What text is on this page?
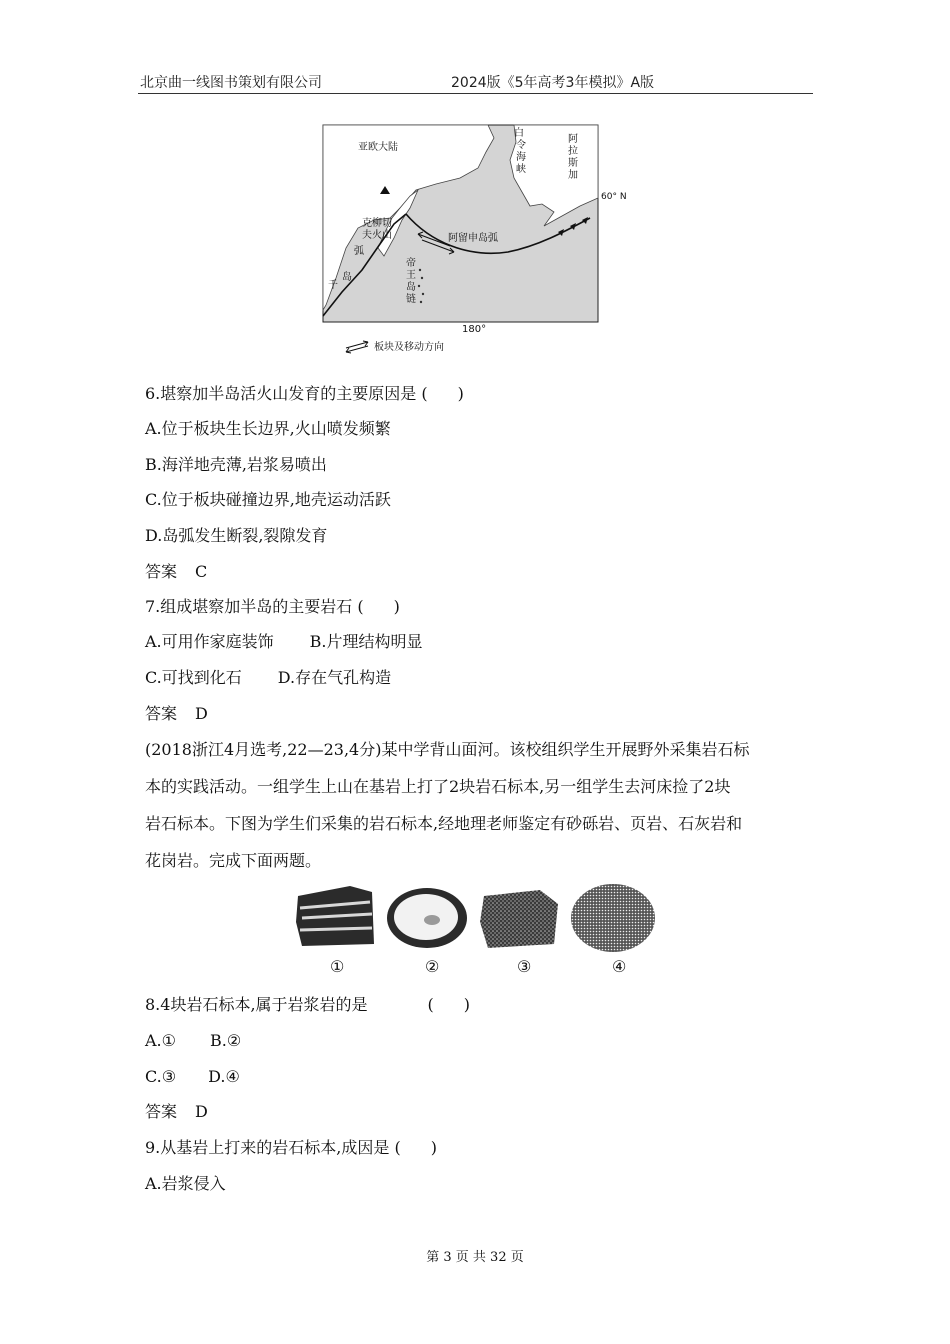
北京曲一线图书策划有限公司	2024版《5年高考3年模拟》A版
亚欧大陆
白
令
海
峡
阿
拉
斯
加
60° N
克柳切
夫火山	阿留申岛弧
弧
岛
千
帝
王
岛
链
180°
板块及移动方向
6.堪察加半岛活火山发育的主要原因是 ( )
A.位于板块生长边界,火山喷发频繁
B.海洋地壳薄,岩浆易喷出
C.位于板块碰撞边界,地壳运动活跃
D.岛弧发生断裂,裂隙发育
答案 C
7.组成堪察加半岛的主要岩石 ( )
A.可用作家庭装饰 B.片理结构明显
C.可找到化石 D.存在气孔构造
答案 D
(2018浙江4月选考,22—23,4分)某中学背山面河。该校组织学生开展野外采集岩石标
本的实践活动。一组学生上山在基岩上打了2块岩石标本,另一组学生去河床捡了2块
岩石标本。下图为学生们采集的岩石标本,经地理老师鉴定有砂砾岩、页岩、石灰岩和
花岗岩。完成下面两题。
①	②	③	④
8.4块岩石标本,属于岩浆岩的是	( )
A.① B.②
C.③ D.④
答案 D
9.从基岩上打来的岩石标本,成因是 ( )
A.岩浆侵入
第 3 页 共 32 页
